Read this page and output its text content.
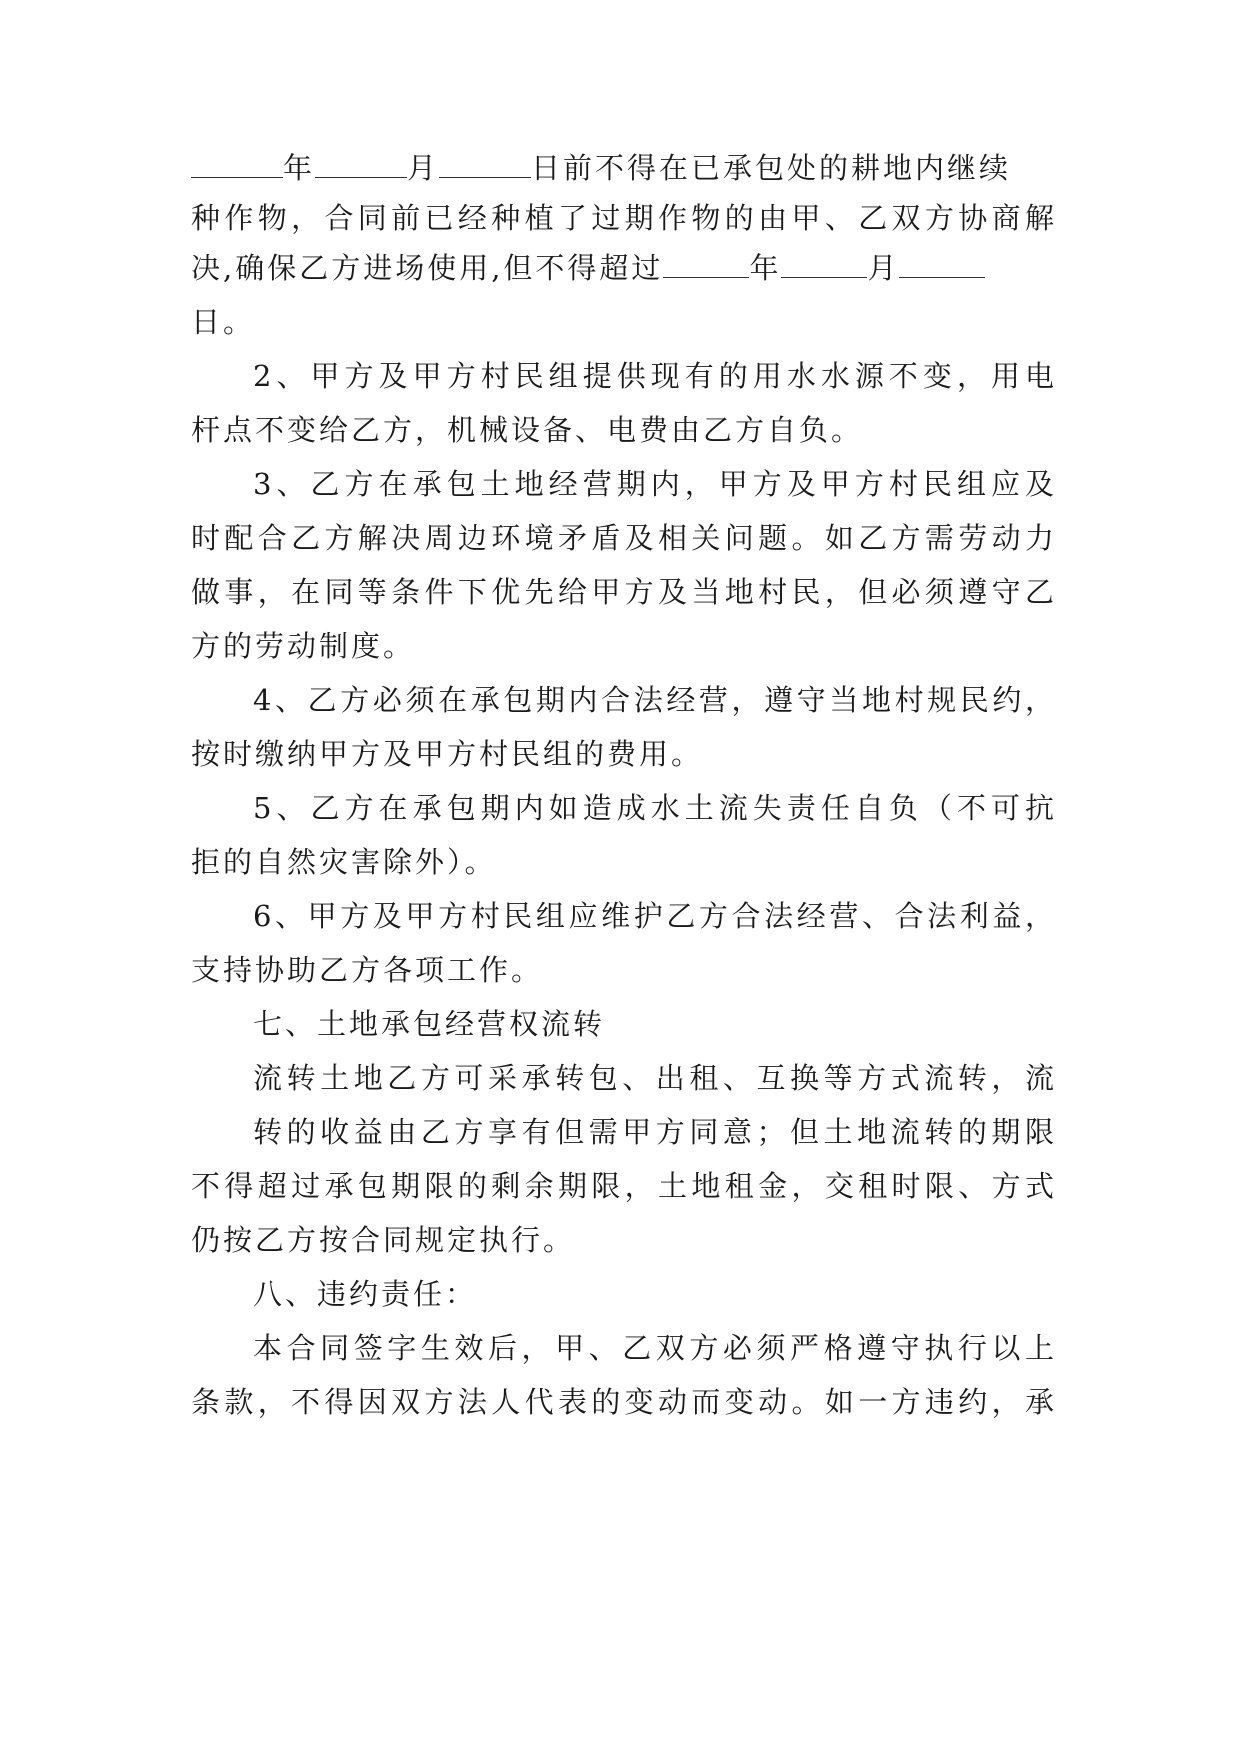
年	月	日前不得在已承包处的耕地内继续
种作物，合同前已经种植了过期作物的由甲、乙双方协商解
决,确保乙方进场使用,但不得超过	年	月
日。
2、甲方及甲方村民组提供现有的用水水源不变，用电
杆点不变给乙方，机械设备、电费由乙方自负。
3、乙方在承包土地经营期内，甲方及甲方村民组应及
时配合乙方解决周边环境矛盾及相关问题。如乙方需劳动力
做事，在同等条件下优先给甲方及当地村民，但必须遵守乙
方的劳动制度。
4、乙方必须在承包期内合法经营，遵守当地村规民约，
按时缴纳甲方及甲方村民组的费用。
5、乙方在承包期内如造成水土流失责任自负（不可抗
拒的自然灾害除外）。
6、甲方及甲方村民组应维护乙方合法经营、合法利益，
支持协助乙方各项工作。
七、土地承包经营权流转
流转土地乙方可采承转包、出租、互换等方式流转，流
转的收益由乙方享有但需甲方同意；但土地流转的期限
不得超过承包期限的剩余期限，土地租金，交租时限、方式
仍按乙方按合同规定执行。
八、违约责任：
本合同签字生效后，甲、乙双方必须严格遵守执行以上
条款，不得因双方法人代表的变动而变动。如一方违约，承
